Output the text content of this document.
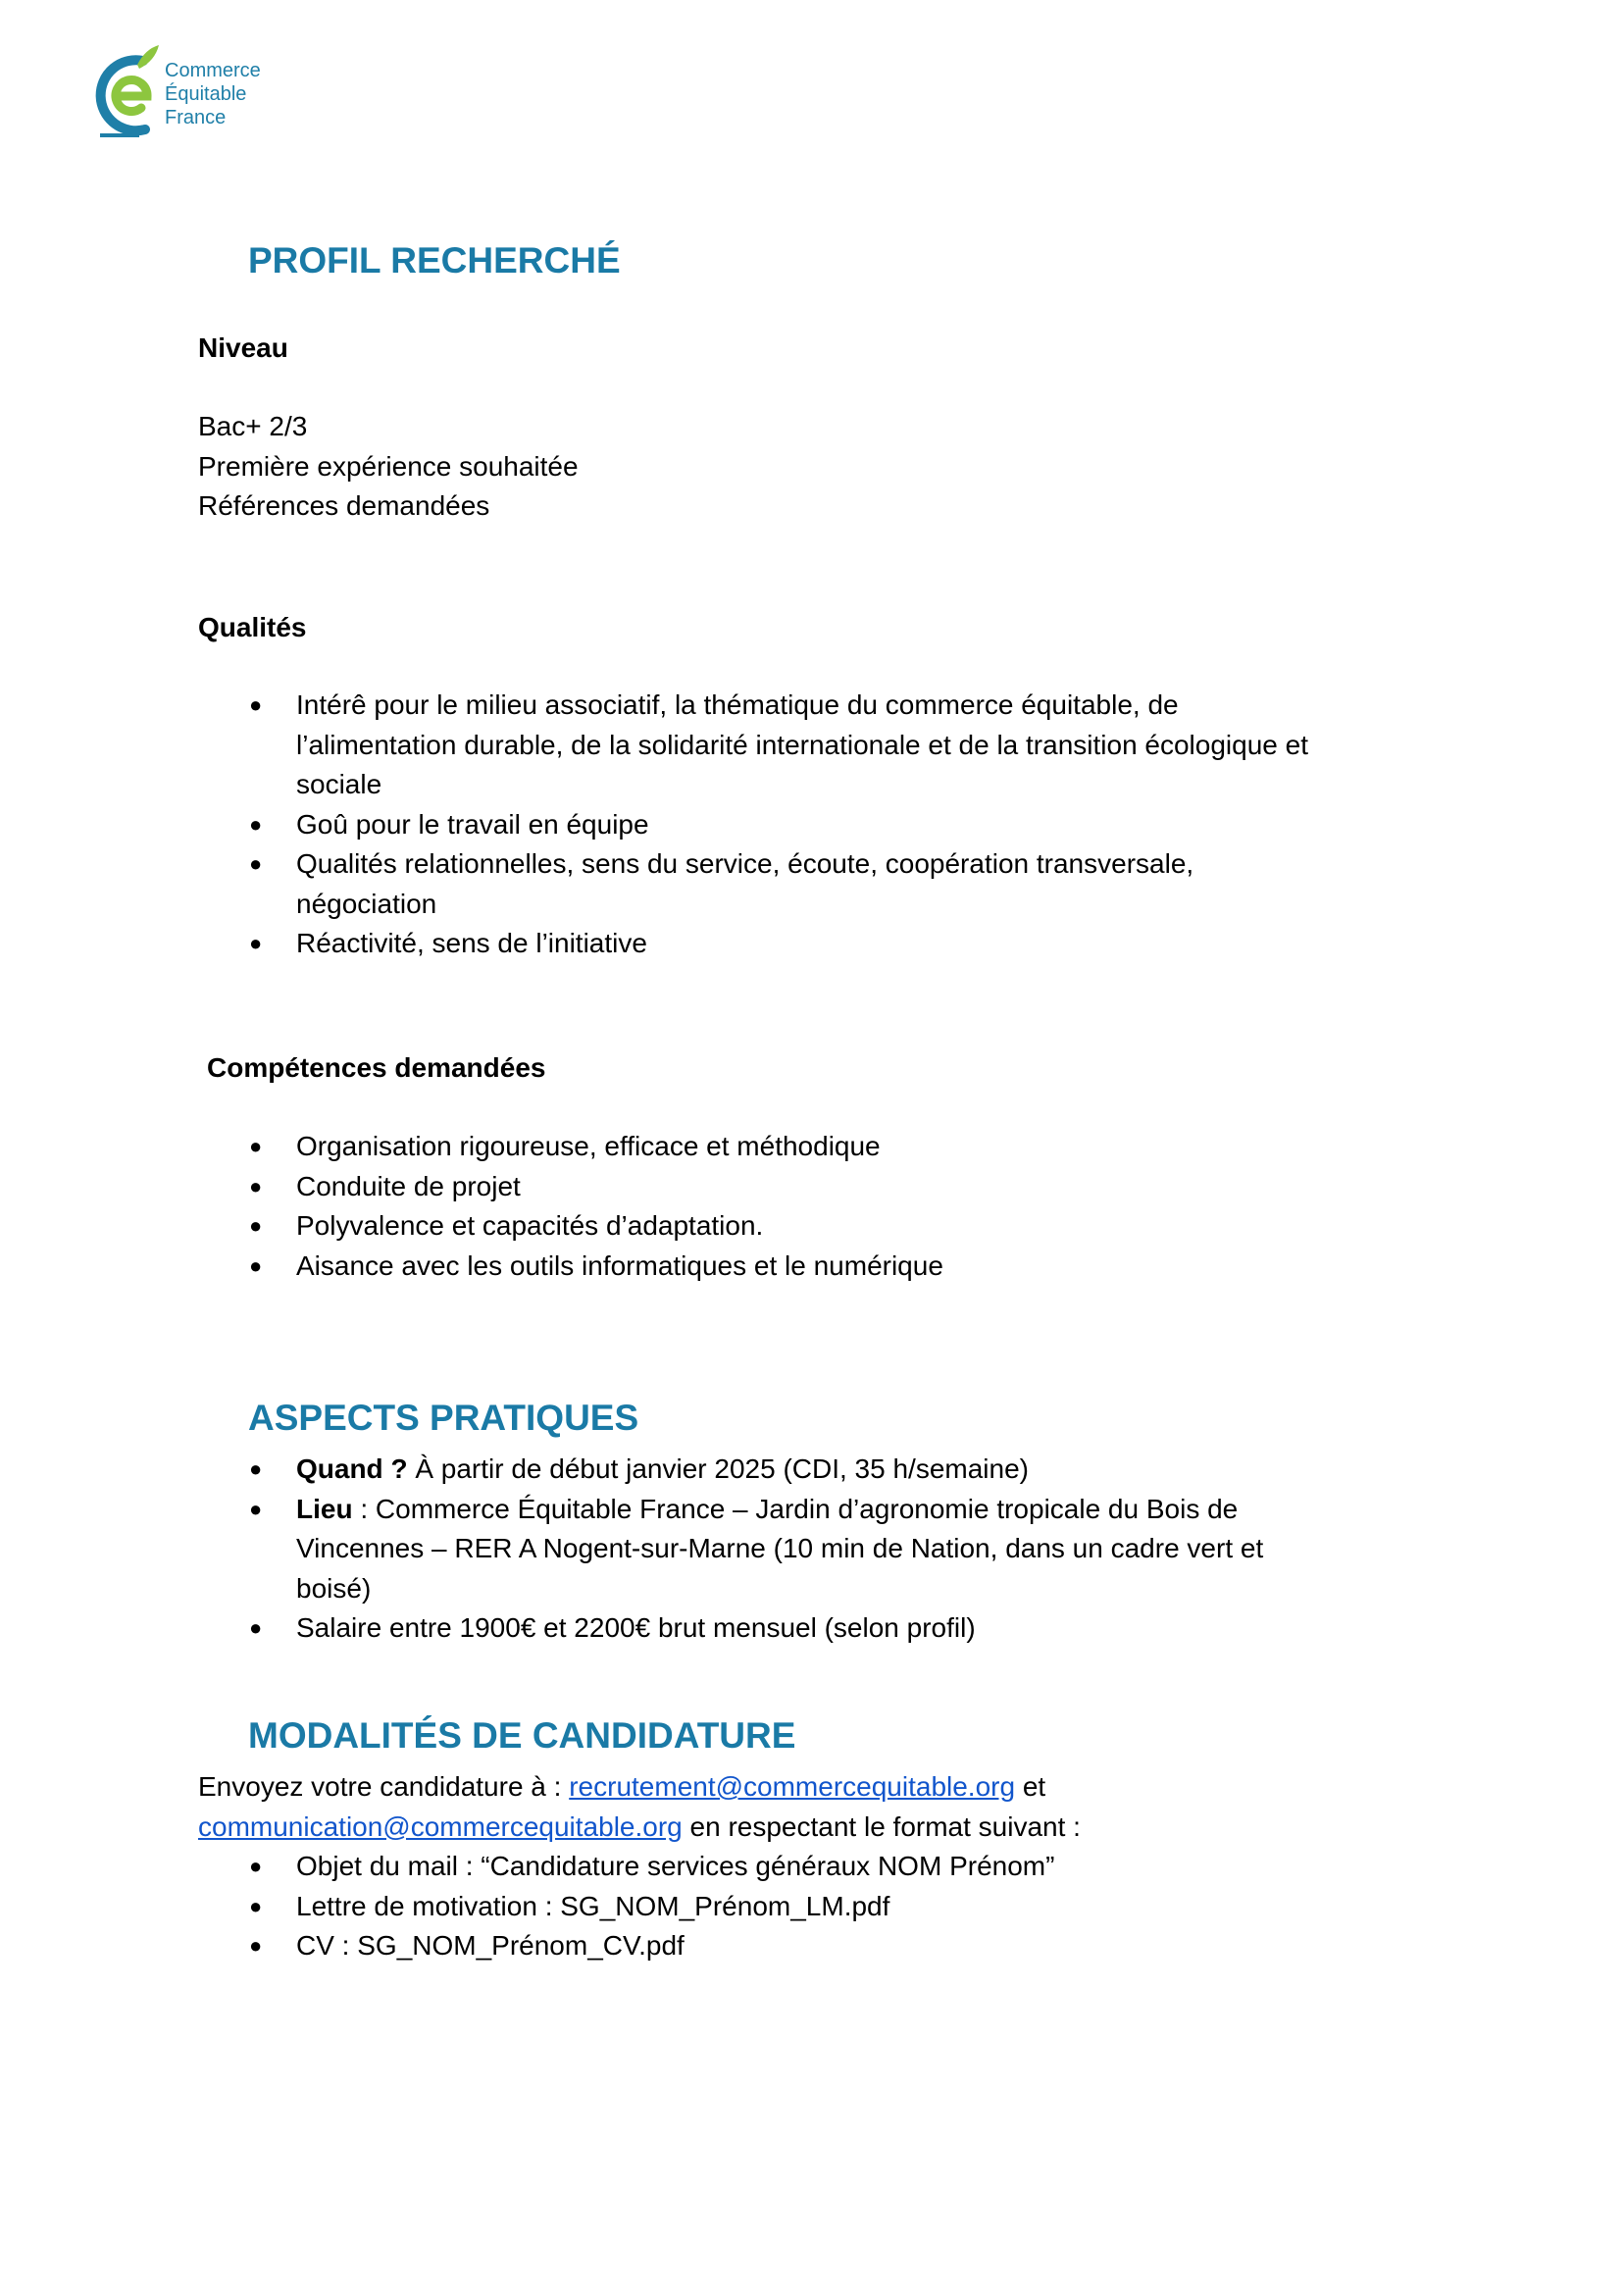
Commerce
Équitable
France
PROFIL RECHERCHÉ
Niveau
Bac+ 2/3
Première expérience souhaitée
Références demandées
Qualités
● Intérê pour le milieu associatif, la thématique du commerce équitable, de
l’alimentation durable, de la solidarité internationale et de la transition écologique et
sociale
● Goû pour le travail en équipe
● Qualités relationnelles, sens du service, écoute, coopération transversale,
négociation
● Réactivité, sens de l’initiative
Compétences demandées
● Organisation rigoureuse, efficace et méthodique
● Conduite de projet
● Polyvalence et capacités d’adaptation.
● Aisance avec les outils informatiques et le numérique
ASPECTS PRATIQUES
● Quand ? À partir de début janvier 2025 (CDI, 35 h/semaine)
● Lieu : Commerce Équitable France – Jardin d’agronomie tropicale du Bois de
Vincennes – RER A Nogent-sur-Marne (10 min de Nation, dans un cadre vert et
boisé)
● Salaire entre 1900€ et 2200€ brut mensuel (selon profil)
MODALITÉS DE CANDIDATURE
Envoyez votre candidature à : recrutement@commercequitable.org et
communication@commercequitable.org en respectant le format suivant :
● Objet du mail : “Candidature services généraux NOM Prénom”
● Lettre de motivation : SG_NOM_Prénom_LM.pdf
● CV : SG_NOM_Prénom_CV.pdf
